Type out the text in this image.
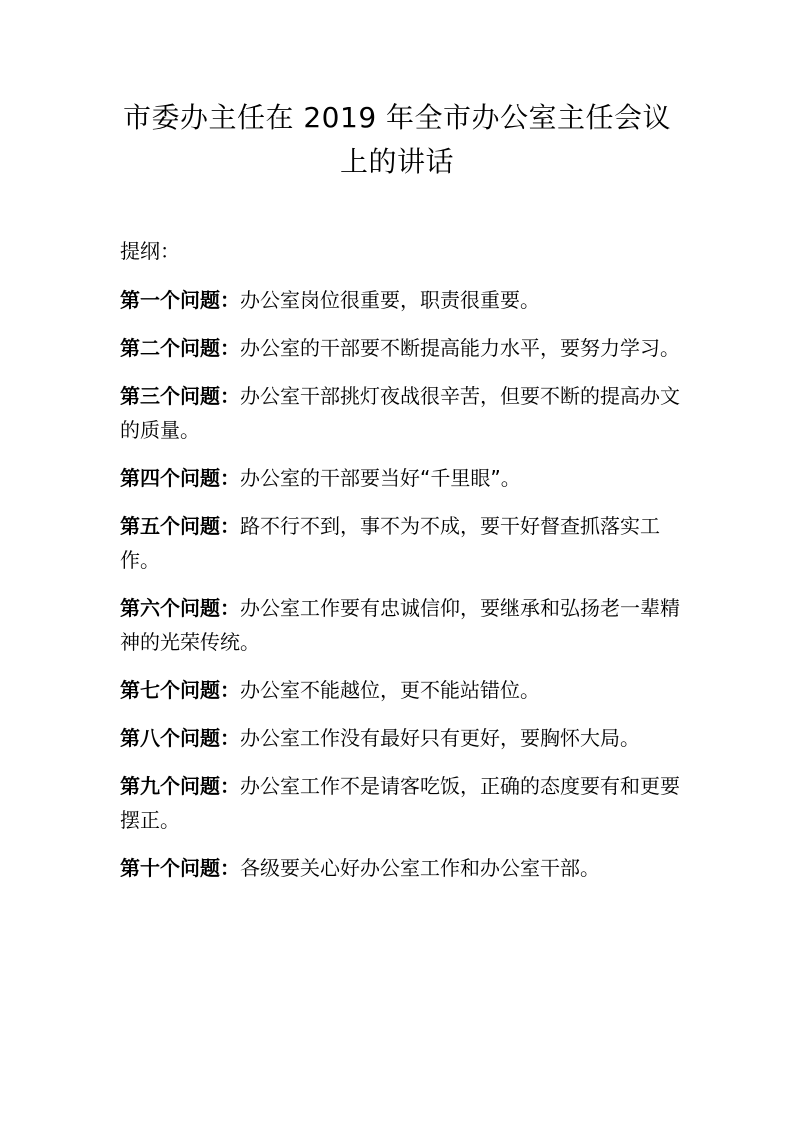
市委办主任在 2019 年全市办公室主任会议
上的讲话

提纲：

第一个问题：办公室岗位很重要，职责很重要。
第二个问题：办公室的干部要不断提高能力水平，要努力学习。
第三个问题：办公室干部挑灯夜战很辛苦，但要不断的提高办文的质量。
第四个问题：办公室的干部要当好“千里眼”。
第五个问题：路不行不到，事不为不成，要干好督查抓落实工作。
第六个问题：办公室工作要有忠诚信仰，要继承和弘扬老一辈精神的光荣传统。
第七个问题：办公室不能越位，更不能站错位。
第八个问题：办公室工作没有最好只有更好，要胸怀大局。
第九个问题：办公室工作不是请客吃饭，正确的态度要有和更要摆正。
第十个问题：各级要关心好办公室工作和办公室干部。
